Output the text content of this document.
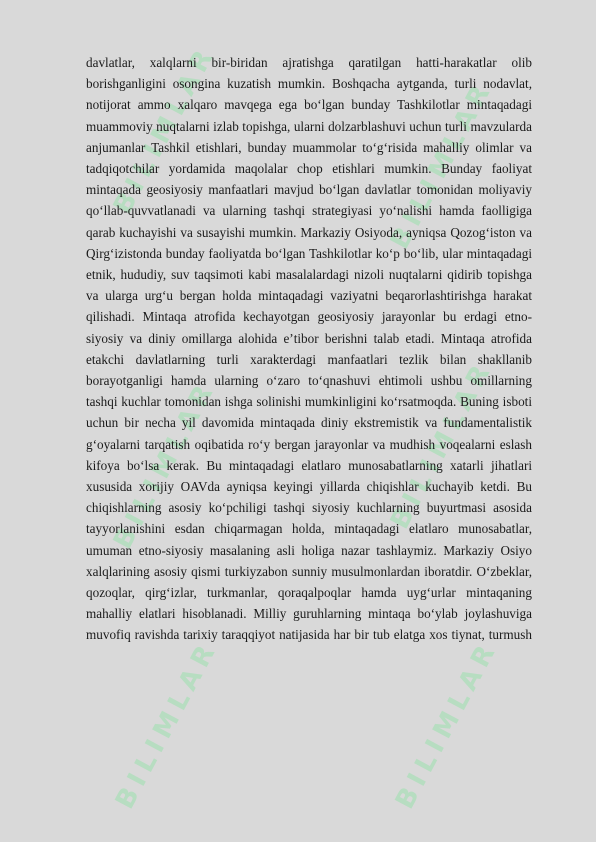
BILIMLAR
BILIMLAR
BILIMLAR
BILIMLAR
BILIMLAR
BILIMLAR

davlatlar, xalqlarni bir-biridan ajratishga qaratilgan hatti-harakatlar olib borishganligini osongina kuzatish mumkin. Boshqacha aytganda, turli nodavlat, notijorat ammo xalqaro mavqega ega boʻlgan bunday Tashkilotlar mintaqadagi muammoviy nuqtalarni izlab topishga, ularni dolzarblashuvi uchun turli mavzularda anjumanlar Tashkil etishlari, bunday muammolar toʻgʻrisida mahalliy olimlar va tadqiqotchilar yordamida maqolalar chop etishlari mumkin. Bunday faoliyat mintaqada geosiyosiy manfaatlari mavjud boʻlgan davlatlar tomonidan moliyaviy qoʻllab-quvvatlanadi va ularning tashqi strategiyasi yoʻnalishi hamda faolligiga qarab kuchayishi va susayishi mumkin. Markaziy Osiyoda, ayniqsa Qozogʻiston va Qirgʻizistonda bunday faoliyatda boʻlgan Tashkilotlar koʻp boʻlib, ular mintaqadagi etnik, hududiy, suv taqsimoti kabi masalalardagi nizoli nuqtalarni qidirib topishga va ularga urgʻu bergan holda mintaqadagi vaziyatni beqarorlashtirishga harakat qilishadi. Mintaqa atrofida kechayotgan geosiyosiy jarayonlar bu erdagi etno-siyosiy va diniy omillarga alohida eʼtibor berishni talab etadi. Mintaqa atrofida etakchi davlatlarning turli xarakterdagi manfaatlari tezlik bilan shakllanib borayotganligi hamda ularning oʻzaro toʻqnashuvi ehtimoli ushbu omillarning tashqi kuchlar tomonidan ishga solinishi mumkinligini koʻrsatmoqda. Buning isboti uchun bir necha yil davomida mintaqada diniy ekstremistik va fundamentalistik gʻoyalarni tarqatish oqibatida roʻy bergan jarayonlar va mudhish voqealarni eslash kifoya boʻlsa kerak. Bu mintaqadagi elatlaro munosabatlarning xatarli jihatlari xususida xorijiy OAVda ayniqsa keyingi yillarda chiqishlar kuchayib ketdi. Bu chiqishlarning asosiy koʻpchiligi tashqi siyosiy kuchlarning buyurtmasi asosida tayyorlanishini esdan chiqarmagan holda, mintaqadagi elatlaro munosabatlar, umuman etno-siyosiy masalaning asli holiga nazar tashlaymiz. Markaziy Osiyo xalqlarining asosiy qismi turkiyzabon sunniy musulmonlardan iboratdir. Oʻzbeklar, qozoqlar, qirgʻizlar, turkmanlar, qoraqalpoqlar hamda uygʻurlar mintaqaning mahalliy elatlari hisoblanadi. Milliy guruhlarning mintaqa boʻylab joylashuviga muvofiq ravishda tarixiy taraqqiyot natijasida har bir tub elatga xos tiynat, turmush
